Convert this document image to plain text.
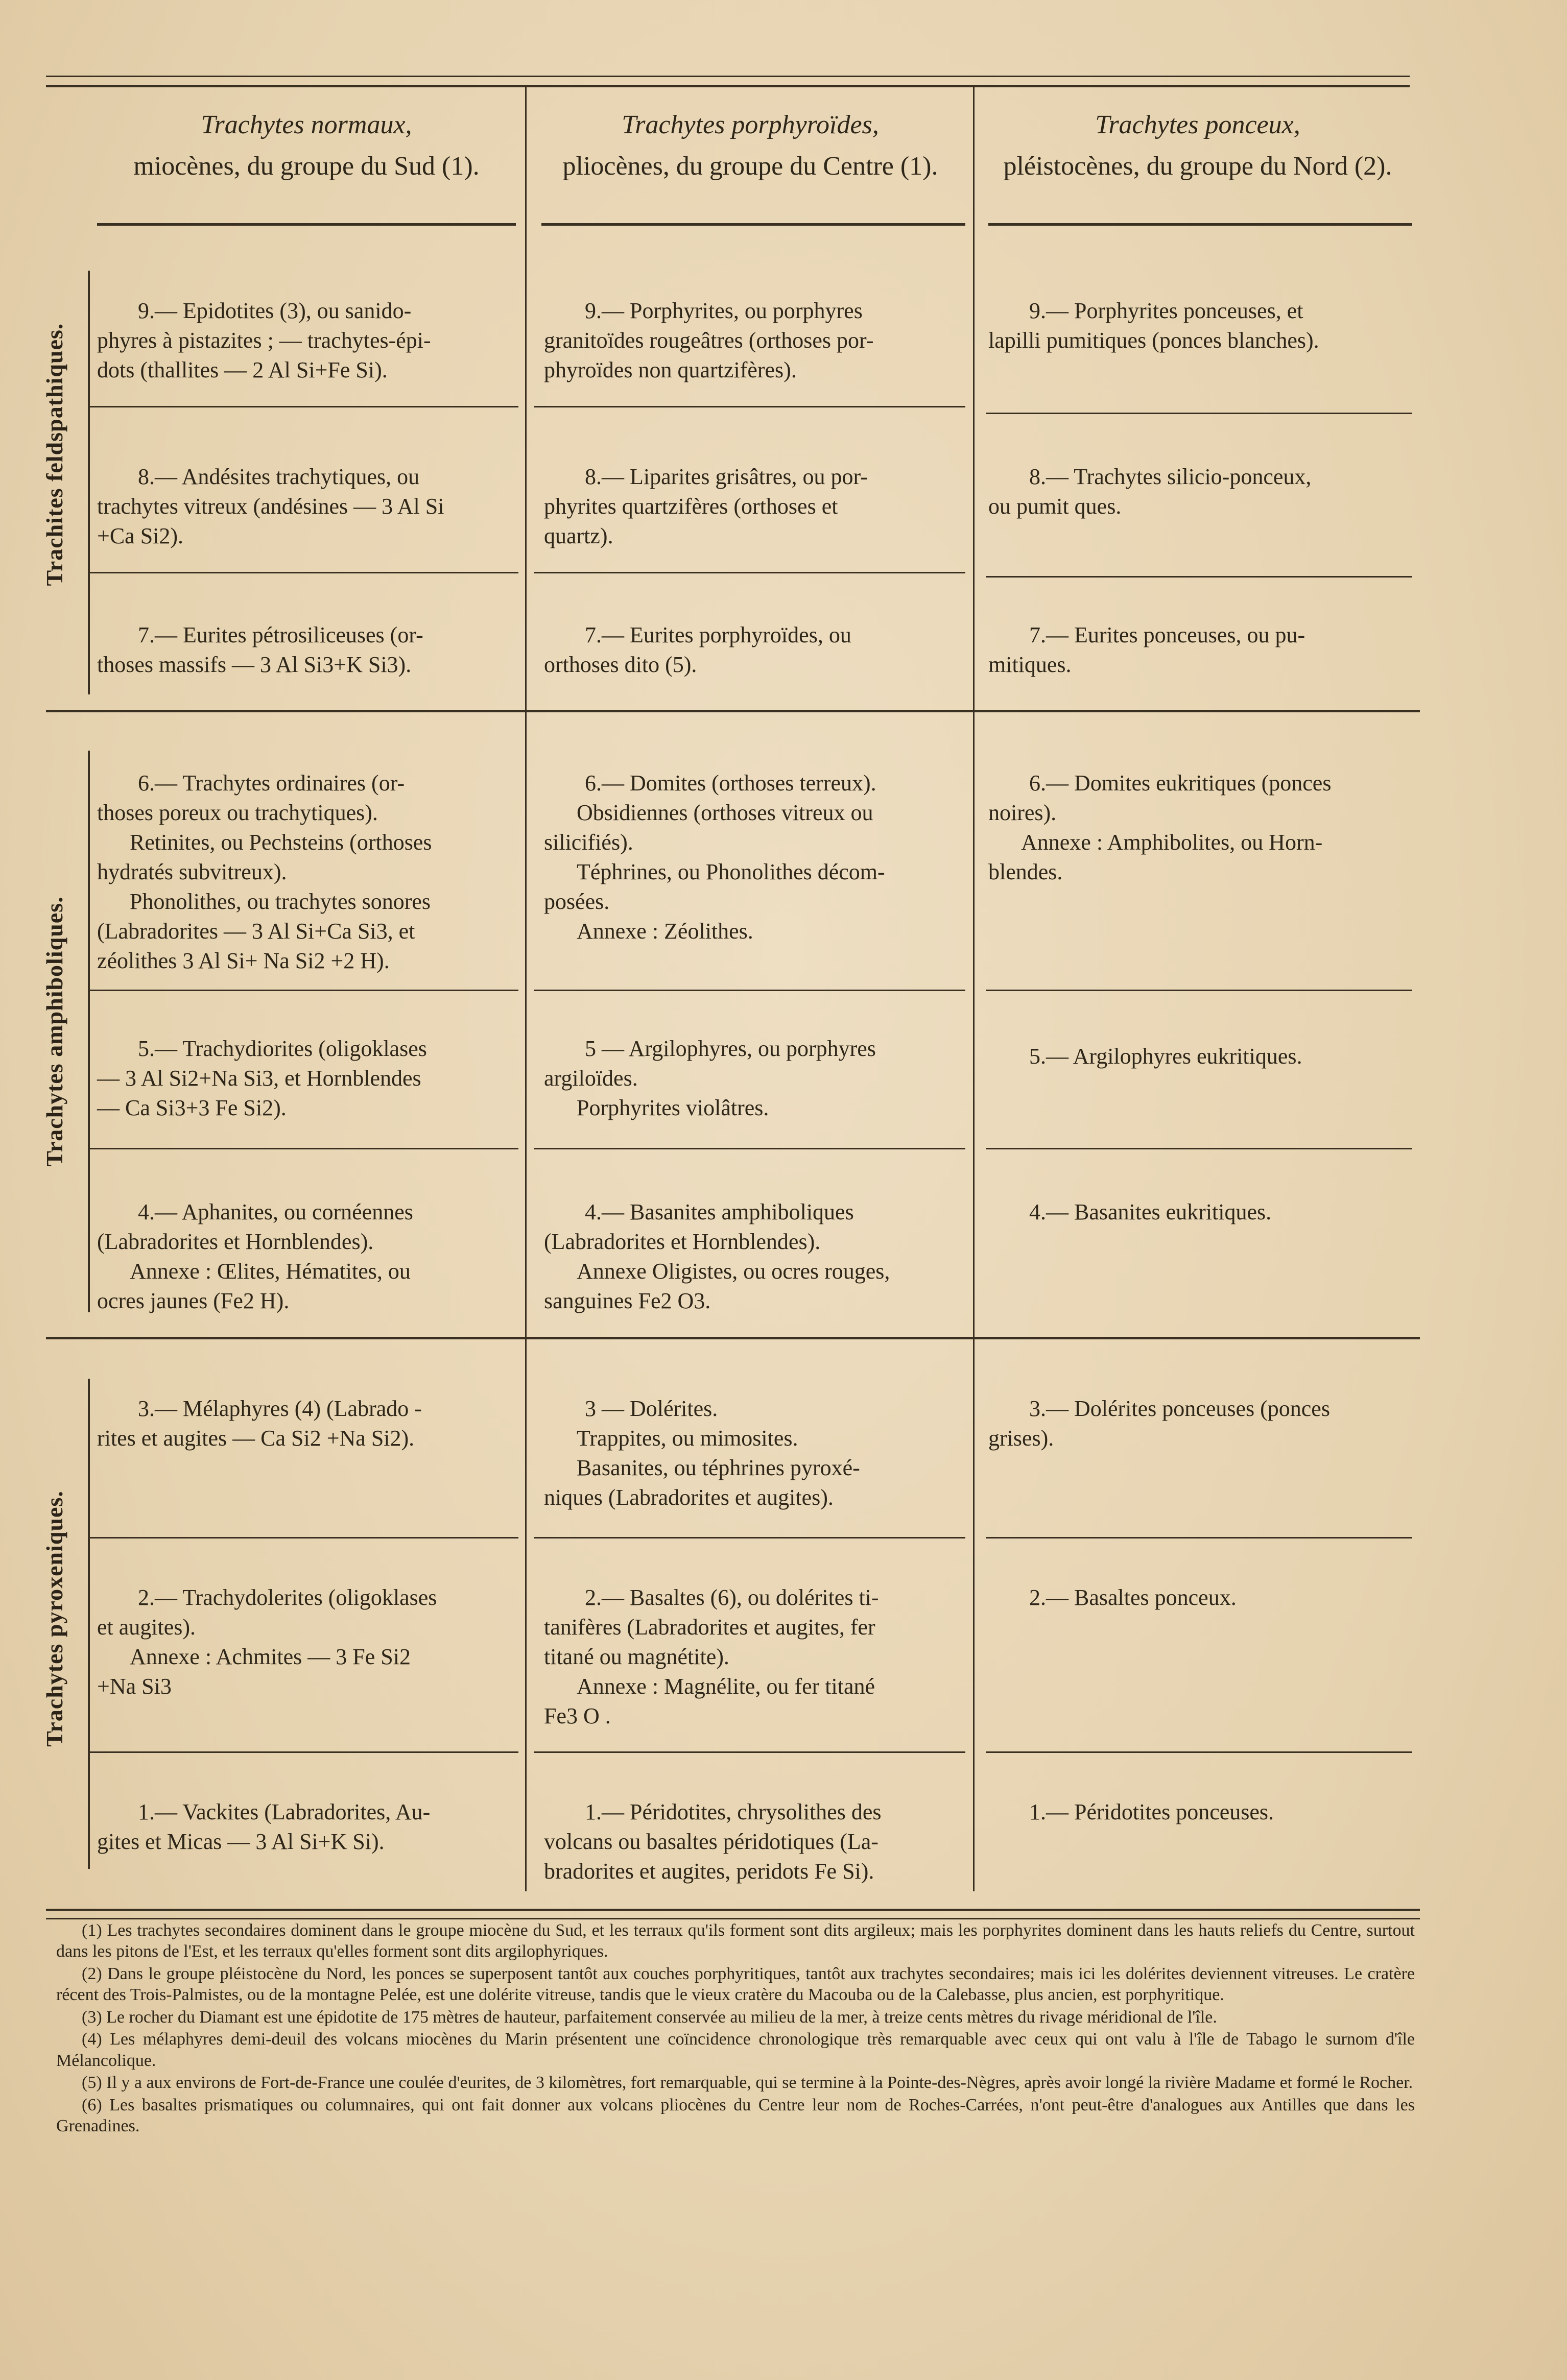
Trachytes normaux,
miocènes, du groupe du Sud (1).
Trachytes porphyroïdes,
pliocènes, du groupe du Centre (1).
Trachytes ponceux,
pléistocènes, du groupe du Nord (2).
Trachites feldspathiques.
Trachytes amphiboliques.
Trachytes pyroxeniques.
9.— Epidotites (3), ou sanido-
phyres à pistazites ; — trachytes-épi-
dots (thallites — 2 Al Si+Fe Si).
9.— Porphyrites, ou porphyres
granitoïdes rougeâtres (orthoses por-
phyroïdes non quartzifères).
9.— Porphyrites ponceuses, et
lapilli pumitiques (ponces blanches).
8.— Andésites trachytiques, ou
trachytes vitreux (andésines — 3 Al Si
+Ca Si2).
8.— Liparites grisâtres, ou por-
phyrites quartzifères (orthoses et
quartz).
8.— Trachytes silicio-ponceux,
ou pumit ques.
7.— Eurites pétrosiliceuses (or-
thoses massifs — 3 Al Si3+K Si3).
7.— Eurites porphyroïdes, ou
orthoses dito (5).
7.— Eurites ponceuses, ou pu-
mitiques.
6.— Trachytes ordinaires (or-
thoses poreux ou trachytiques).
Retinites, ou Pechsteins (orthoses
hydratés subvitreux).
Phonolithes, ou trachytes sonores
(Labradorites — 3 Al Si+Ca Si3, et
zéolithes 3 Al Si+ Na Si2 +2 H).
6.— Domites (orthoses terreux).
Obsidiennes (orthoses vitreux ou
silicifiés).
Téphrines, ou Phonolithes décom-
posées.
Annexe : Zéolithes.
6.— Domites eukritiques (ponces
noires).
Annexe : Amphibolites, ou Horn-
blendes.
5.— Trachydiorites (oligoklases
— 3 Al Si2+Na Si3, et Hornblendes
— Ca Si3+3 Fe Si2).
5 — Argilophyres, ou porphyres
argiloïdes.
Porphyrites violâtres.
5.— Argilophyres eukritiques.
4.— Aphanites, ou cornéennes
(Labradorites et Hornblendes).
Annexe : Œlites, Hématites, ou
ocres jaunes (Fe2 H).
4.— Basanites amphiboliques
(Labradorites et Hornblendes).
Annexe Oligistes, ou ocres rouges,
sanguines Fe2 O3.
4.— Basanites eukritiques.
3.— Mélaphyres (4) (Labrado -
rites et augites — Ca Si2 +Na Si2).
3 — Dolérites.
Trappites, ou mimosites.
Basanites, ou téphrines pyroxé-
niques (Labradorites et augites).
3.— Dolérites ponceuses (ponces
grises).
2.— Trachydolerites (oligoklases
et augites).
Annexe : Achmites — 3 Fe Si2
+Na Si3
2.— Basaltes (6), ou dolérites ti-
tanifères (Labradorites et augites, fer
titané ou magnétite).
Annexe : Magnélite, ou fer titané
Fe3 O .
2.— Basaltes ponceux.
1.— Vackites (Labradorites, Au-
gites et Micas — 3 Al Si+K Si).
1.— Péridotites, chrysolithes des
volcans ou basaltes péridotiques (La-
bradorites et augites, peridots Fe Si).
1.— Péridotites ponceuses.

(1) Les trachytes secondaires dominent dans le groupe miocène du Sud, et les terraux qu'ils forment sont dits argileux; mais les porphyrites dominent dans les hauts reliefs du Centre, surtout dans les pitons de l'Est, et les terraux qu'elles forment sont dits argilophyriques.

(2) Dans le groupe pléistocène du Nord, les ponces se superposent tantôt aux couches porphyritiques, tantôt aux trachytes secondaires; mais ici les dolérites deviennent vitreuses. Le cratère récent des Trois-Palmistes, ou de la montagne Pelée, est une dolérite vitreuse, tandis que le vieux cratère du Macouba ou de la Calebasse, plus ancien, est porphyritique.

(3) Le rocher du Diamant est une épidotite de 175 mètres de hauteur, parfaitement conservée au milieu de la mer, à treize cents mètres du rivage méridional de l'île.

(4) Les mélaphyres demi-deuil des volcans miocènes du Marin présentent une coïncidence chronologique très remarquable avec ceux qui ont valu à l'île de Tabago le surnom d'île Mélancolique.

(5) Il y a aux environs de Fort-de-France une coulée d'eurites, de 3 kilomètres, fort remarquable, qui se termine à la Pointe-des-Nègres, après avoir longé la rivière Madame et formé le Rocher.

(6) Les basaltes prismatiques ou columnaires, qui ont fait donner aux volcans pliocènes du Centre leur nom de Roches-Carrées, n'ont peut-être d'analogues aux Antilles que dans les Grenadines.
